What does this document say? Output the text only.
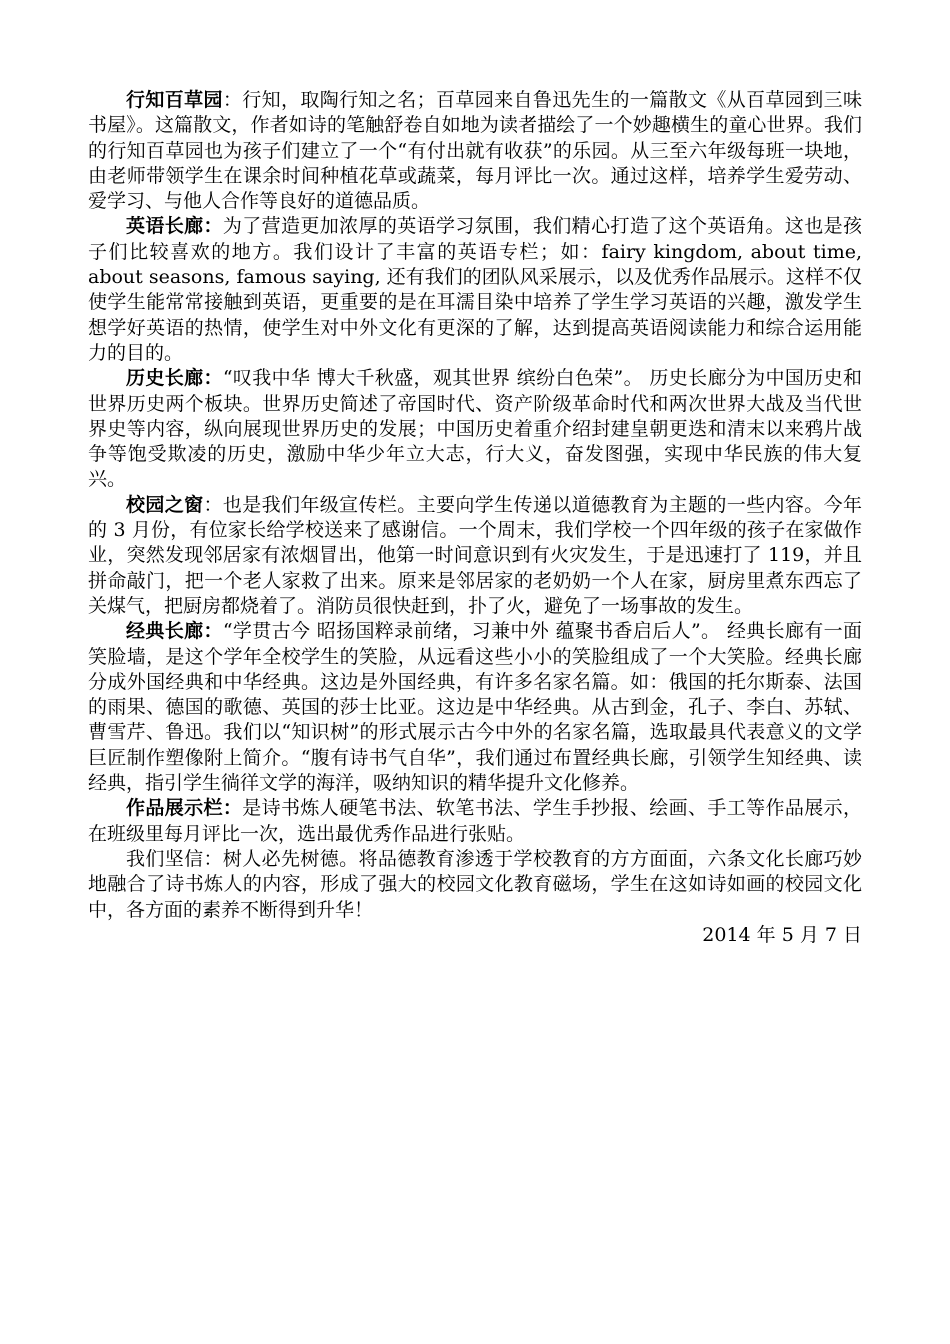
行知百草园：行知，取陶行知之名；百草园来自鲁迅先生的一篇散文《从百草园到三味书屋》。这篇散文，作者如诗的笔触舒卷自如地为读者描绘了一个妙趣横生的童心世界。我们的行知百草园也为孩子们建立了一个“有付出就有收获”的乐园。从三至六年级每班一块地，由老师带领学生在课余时间种植花草或蔬菜，每月评比一次。通过这样，培养学生爱劳动、爱学习、与他人合作等良好的道德品质。

英语长廊：为了营造更加浓厚的英语学习氛围，我们精心打造了这个英语角。这也是孩子们比较喜欢的地方。我们设计了丰富的英语专栏；如：fairy kingdom, about time, about seasons, famous saying, 还有我们的团队风采展示，以及优秀作品展示。这样不仅使学生能常常接触到英语，更重要的是在耳濡目染中培养了学生学习英语的兴趣，激发学生想学好英语的热情，使学生对中外文化有更深的了解，达到提高英语阅读能力和综合运用能力的目的。

历史长廊：“叹我中华 博大千秋盛，观其世界 缤纷白色荣”。 历史长廊分为中国历史和世界历史两个板块。世界历史简述了帝国时代、资产阶级革命时代和两次世界大战及当代世界史等内容，纵向展现世界历史的发展；中国历史着重介绍封建皇朝更迭和清末以来鸦片战争等饱受欺凌的历史，激励中华少年立大志，行大义，奋发图强，实现中华民族的伟大复兴。

校园之窗：也是我们年级宣传栏。主要向学生传递以道德教育为主题的一些内容。今年的 3 月份，有位家长给学校送来了感谢信。一个周末，我们学校一个四年级的孩子在家做作业，突然发现邻居家有浓烟冒出，他第一时间意识到有火灾发生，于是迅速打了 119，并且拼命敲门，把一个老人家救了出来。原来是邻居家的老奶奶一个人在家，厨房里煮东西忘了关煤气，把厨房都烧着了。消防员很快赶到，扑了火，避免了一场事故的发生。

经典长廊：“学贯古今 昭扬国粹录前绪，习兼中外 蕴聚书香启后人”。 经典长廊有一面笑脸墙，是这个学年全校学生的笑脸，从远看这些小小的笑脸组成了一个大笑脸。经典长廊分成外国经典和中华经典。这边是外国经典，有许多名家名篇。如：俄国的托尔斯泰、法国的雨果、德国的歌德、英国的莎士比亚。这边是中华经典。从古到金，孔子、李白、苏轼、曹雪芹、鲁迅。我们以“知识树”的形式展示古今中外的名家名篇，选取最具代表意义的文学巨匠制作塑像附上简介。“腹有诗书气自华”，我们通过布置经典长廊，引领学生知经典、读经典，指引学生徜徉文学的海洋，吸纳知识的精华提升文化修养。

作品展示栏：是诗书炼人硬笔书法、软笔书法、学生手抄报、绘画、手工等作品展示，在班级里每月评比一次，选出最优秀作品进行张贴。

我们坚信：树人必先树德。将品德教育渗透于学校教育的方方面面，六条文化长廊巧妙地融合了诗书炼人的内容，形成了强大的校园文化教育磁场，学生在这如诗如画的校园文化中，各方面的素养不断得到升华！

2014 年 5 月 7 日
